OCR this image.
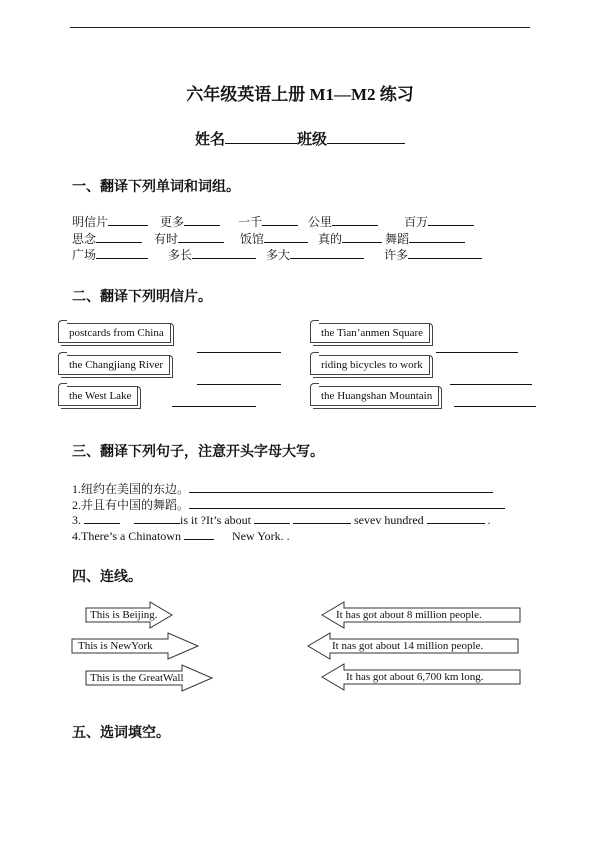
六年级英语上册 M1—M2 练习
姓名	班级
一、翻译下列单词和词组。
明信片	更多	一千	公里	百万
思念	有时	饭馆	真的	舞蹈
广场	多长	多大	许多
二、翻译下列明信片。
postcards from China	the Tian’anmen Square
the Changjiang River	riding bicycles to work
the West Lake	the Huangshan Mountain
三、翻译下列句子，注意开头字母大写。
1.纽约在美国的东边。
2.并且有中国的舞蹈。
3.	is it ?It’s about	sevev hundred	.
4.There’s a Chinatown	New York. .
四、连线。
This is Beijing.
This is NewYork
This is the GreatWall
It has got about 8 million people.
It nas got about 14 million people.
It has got about 6,700 km long.
五、选词填空。
